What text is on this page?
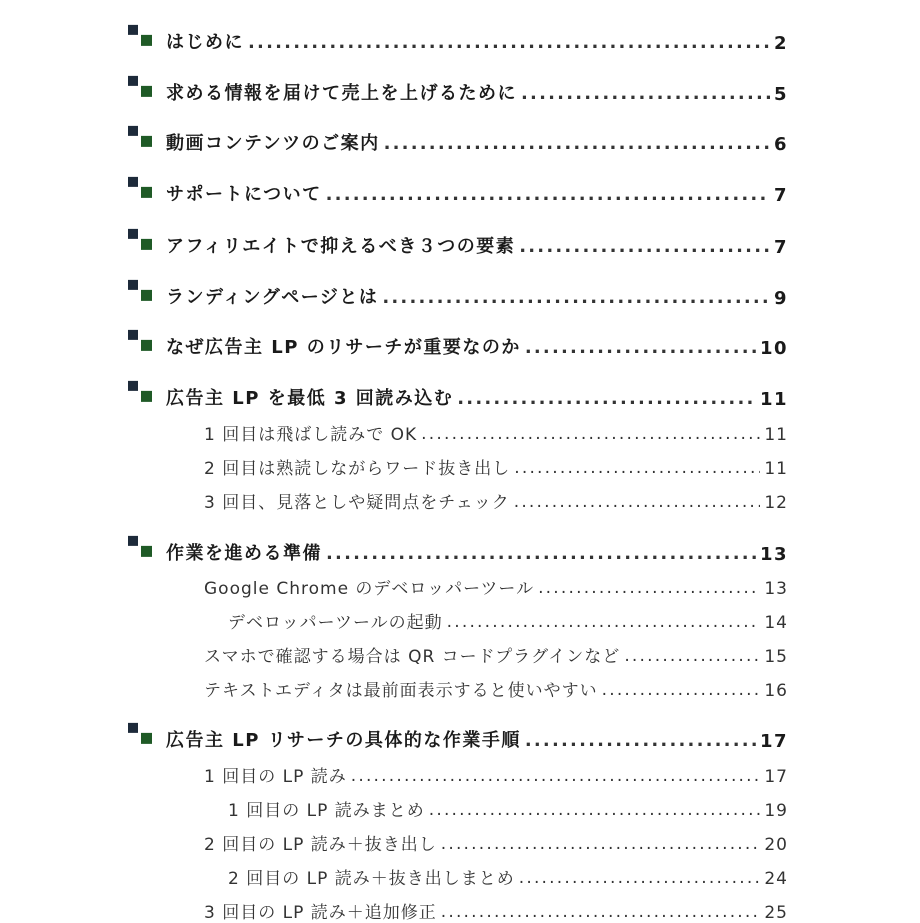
はじめに .....	2
求める情報を届けて売上を上げるために .....	5
動画コンテンツのご案内 .....	6
サポートについて .....	7
アフィリエイトで抑えるべき３つの要素 .....	7
ランディングページとは .....	9
なぜ広告主 LP のリサーチが重要なのか .....	10
広告主 LP を最低 3 回読み込む .....	11
1 回目は飛ばし読みで OK .....	11
2 回目は熟読しながらワード抜き出し .....	11
3 回目、見落としや疑問点をチェック .....	12
作業を進める準備 .....	13
Google Chrome のデベロッパーツール .....	13
デベロッパーツールの起動 .....	14
スマホで確認する場合は QR コードプラグインなど .....	15
テキストエディタは最前面表示すると使いやすい .....	16
広告主 LP リサーチの具体的な作業手順 .....	17
1 回目の LP 読み .....	17
1 回目の LP 読みまとめ .....	19
2 回目の LP 読み＋抜き出し .....	20
2 回目の LP 読み＋抜き出しまとめ .....	24
3 回目の LP 読み＋追加修正 .....	25
